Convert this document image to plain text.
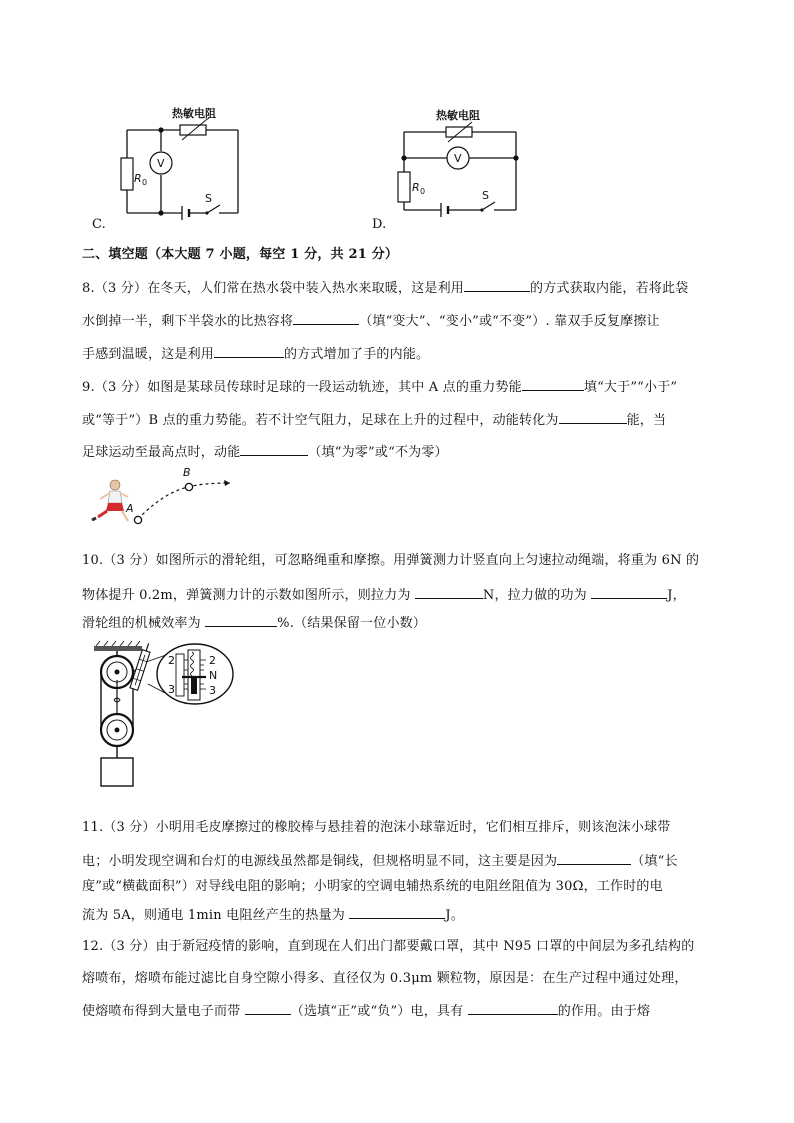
热敏电阻
V
R 0
S
C.
热敏电阻
V
R 0	S
D.
二、填空题（本大题 7 小题，每空 1 分，共 21 分）
8.（3 分）在冬天，人们常在热水袋中装入热水来取暖，这是利用	的方式获取内能，若将此袋
水倒掉一半，剩下半袋水的比热容将	（填“变大”、“变小”或“不变”）. 靠双手反复摩擦让
手感到温暖，这是利用	的方式增加了手的内能。
9.（3 分）如图是某球员传球时足球的一段运动轨迹，其中 A 点的重力势能	填“大于”“小于”
或“等于”）B 点的重力势能。若不计空气阻力，足球在上升的过程中，动能转化为	能，当
足球运动至最高点时，动能	（填“为零”或“不为零）
A
B
10.（3 分）如图所示的滑轮组，可忽略绳重和摩擦。用弹簧测力计竖直向上匀速拉动绳端，将重为 6N 的
物体提升 0.2m，弹簧测力计的示数如图所示，则拉力为	N，拉力做的功为	J，
滑轮组的机械效率为	%.（结果保留一位小数）
2
3
2
N
3
11.（3 分）小明用毛皮摩擦过的橡胶棒与悬挂着的泡沫小球靠近时，它们相互排斥，则该泡沫小球带
电；小明发现空调和台灯的电源线虽然都是铜线，但规格明显不同，这主要是因为	（填“长
度”或“横截面积”）对导线电阻的影响；小明家的空调电辅热系统的电阻丝阻值为 30Ω，工作时的电
流为 5A，则通电 1min 电阻丝产生的热量为	J。
12.（3 分）由于新冠疫情的影响，直到现在人们出门都要戴口罩，其中 N95 口罩的中间层为多孔结构的
熔喷布，熔喷布能过滤比自身空隙小得多、直径仅为 0.3μm 颗粒物，原因是：在生产过程中通过处理，
使熔喷布得到大量电子而带	（选填“正”或“负”）电，具有	的作用。由于熔
